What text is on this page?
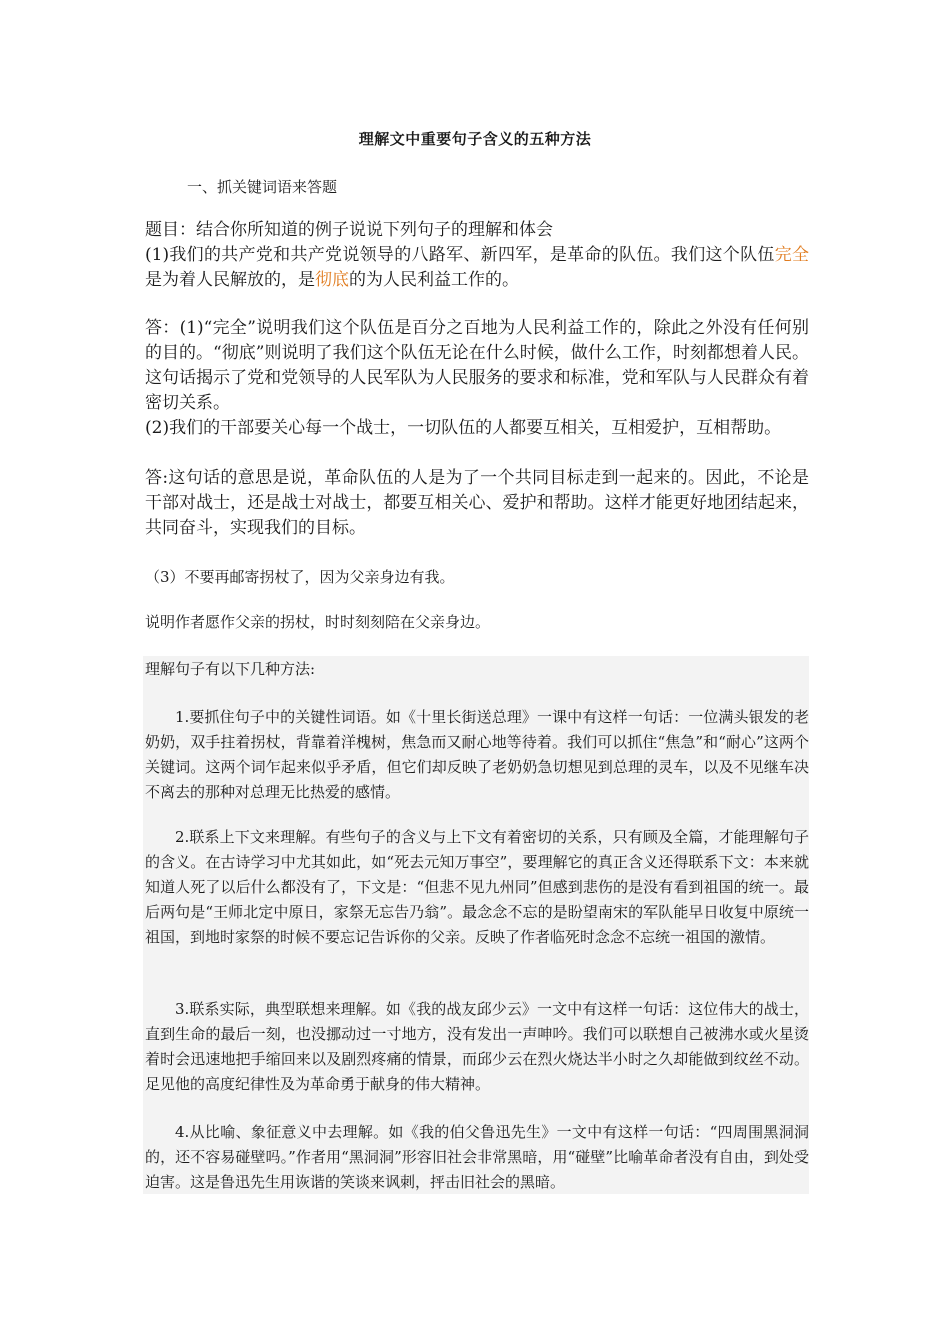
理解文中重要句子含义的五种方法
一、抓关键词语来答题

题目：结合你所知道的例子说说下列句子的理解和体会

(1)我们的共产党和共产党说领导的八路军、新四军，是革命的队伍。我们这个队伍完全是为着人民解放的，是彻底的为人民利益工作的。

答：(1)“完全”说明我们这个队伍是百分之百地为人民利益工作的，除此之外没有任何别的目的。“彻底”则说明了我们这个队伍无论在什么时候，做什么工作，时刻都想着人民。这句话揭示了党和党领导的人民军队为人民服务的要求和标准，党和军队与人民群众有着密切关系。

(2)我们的干部要关心每一个战士，一切队伍的人都要互相关，互相爱护，互相帮助。

答:这句话的意思是说，革命队伍的人是为了一个共同目标走到一起来的。因此，不论是干部对战士，还是战士对战士，都要互相关心、爱护和帮助。这样才能更好地团结起来，共同奋斗，实现我们的目标。

（3）不要再邮寄拐杖了，因为父亲身边有我。

说明作者愿作父亲的拐杖，时时刻刻陪在父亲身边。

理解句子有以下几种方法:

1.要抓住句子中的关键性词语。如《十里长街送总理》一课中有这样一句话：一位满头银发的老奶奶，双手拄着拐杖，背靠着洋槐树，焦急而又耐心地等待着。我们可以抓住“焦急”和“耐心”这两个关键词。这两个词乍起来似乎矛盾，但它们却反映了老奶奶急切想见到总理的灵车，以及不见继车决不离去的那种对总理无比热爱的感情。

2.联系上下文来理解。有些句子的含义与上下文有着密切的关系，只有顾及全篇，才能理解句子的含义。在古诗学习中尤其如此，如“死去元知万事空”，要理解它的真正含义还得联系下文：本来就知道人死了以后什么都没有了，下文是：“但悲不见九州同”但感到悲伤的是没有看到祖国的统一。最后两句是“王师北定中原日，家祭无忘告乃翁”。最念念不忘的是盼望南宋的军队能早日收复中原统一祖国，到地时家祭的时候不要忘记告诉你的父亲。反映了作者临死时念念不忘统一祖国的激情。

3.联系实际，典型联想来理解。如《我的战友邱少云》一文中有这样一句话：这位伟大的战士，直到生命的最后一刻，也没挪动过一寸地方，没有发出一声呻吟。我们可以联想自己被沸水或火星烫着时会迅速地把手缩回来以及剧烈疼痛的情景，而邱少云在烈火烧达半小时之久却能做到纹丝不动。足见他的高度纪律性及为革命勇于献身的伟大精神。

4.从比喻、象征意义中去理解。如《我的伯父鲁迅先生》一文中有这样一句话：“四周围黑洞洞的，还不容易碰壁吗。”作者用“黑洞洞”形容旧社会非常黑暗，用“碰壁”比喻革命者没有自由，到处受迫害。这是鲁迅先生用诙谐的笑谈来讽刺，抨击旧社会的黑暗。
